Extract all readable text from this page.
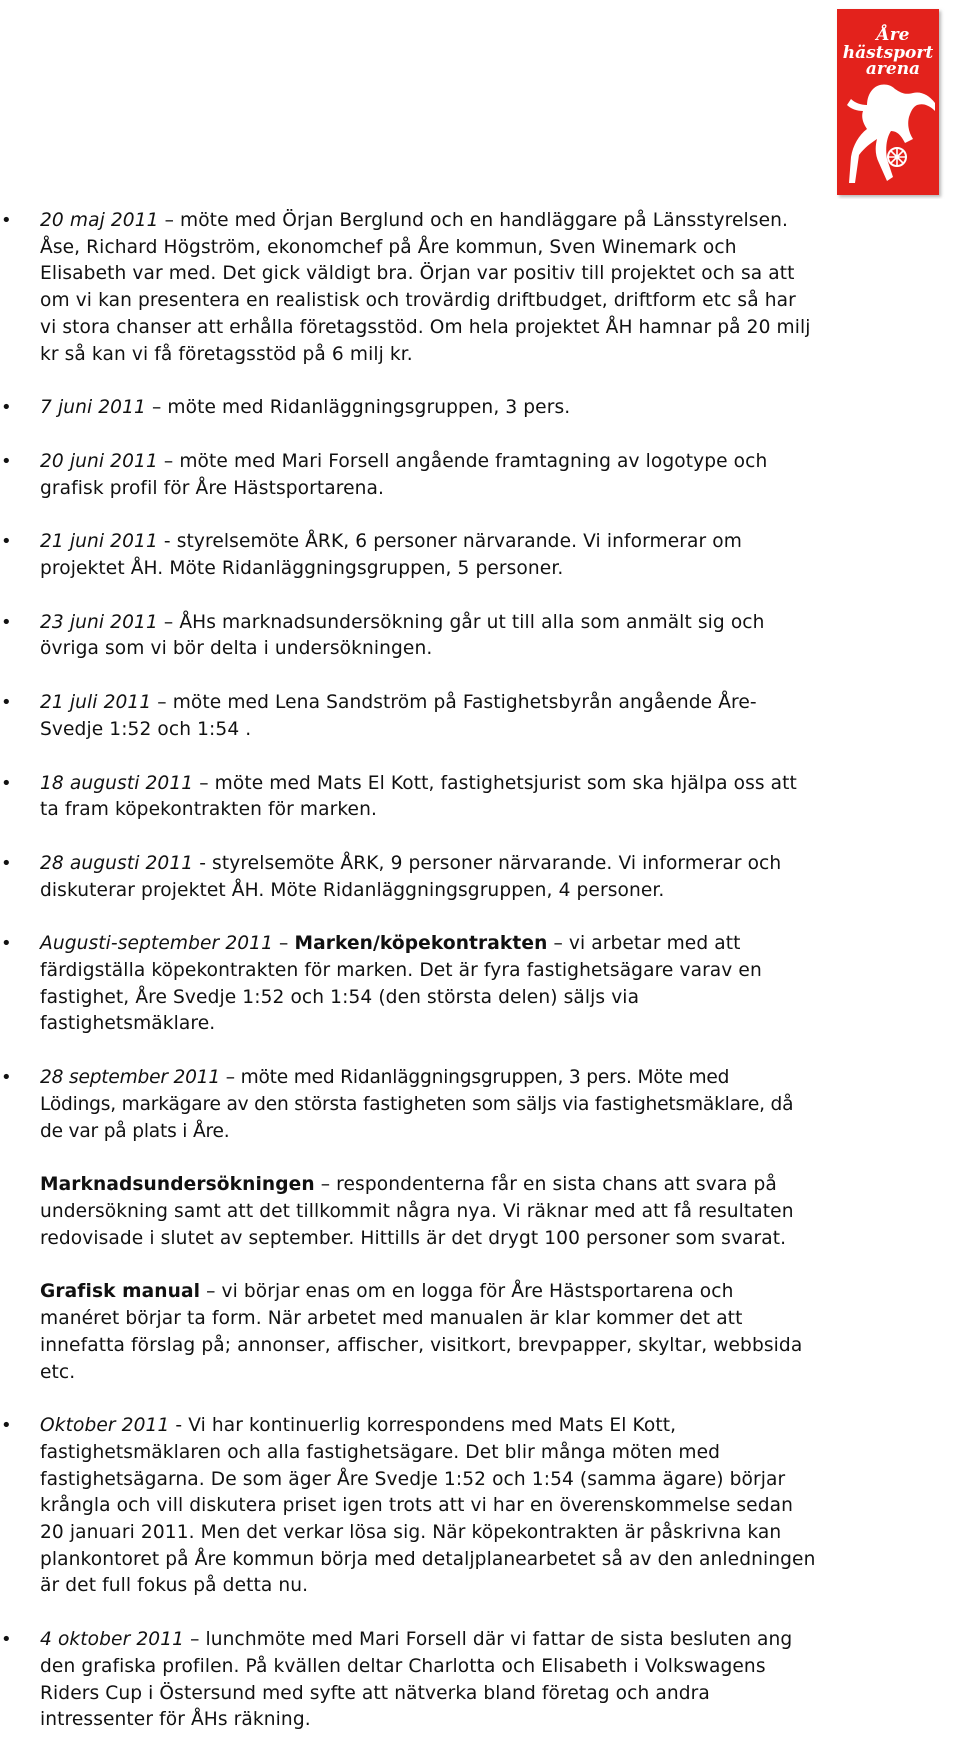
Åre
hästsport
arena
• 20 maj 2011 – möte med Örjan Berglund och en handläggare på Länsstyrelsen.
Åse, Richard Högström, ekonomchef på Åre kommun, Sven Winemark och
Elisabeth var med. Det gick väldigt bra. Örjan var positiv till projektet och sa att
om vi kan presentera en realistisk och trovärdig driftbudget, driftform etc så har
vi stora chanser att erhålla företagsstöd. Om hela projektet ÅH hamnar på 20 milj
kr så kan vi få företagsstöd på 6 milj kr.
• 7 juni 2011 – möte med Ridanläggningsgruppen, 3 pers.
• 20 juni 2011 – möte med Mari Forsell angående framtagning av logotype och
grafisk profil för Åre Hästsportarena.
• 21 juni 2011 - styrelsemöte ÅRK, 6 personer närvarande. Vi informerar om
projektet ÅH. Möte Ridanläggningsgruppen, 5 personer.
• 23 juni 2011 – ÅHs marknadsundersökning går ut till alla som anmält sig och
övriga som vi bör delta i undersökningen.
• 21 juli 2011 – möte med Lena Sandström på Fastighetsbyrån angående Åre-
Svedje 1:52 och 1:54 .
• 18 augusti 2011 – möte med Mats El Kott, fastighetsjurist som ska hjälpa oss att
ta fram köpekontrakten för marken.
• 28 augusti 2011 - styrelsemöte ÅRK, 9 personer närvarande. Vi informerar och
diskuterar projektet ÅH. Möte Ridanläggningsgruppen, 4 personer.
• Augusti-september 2011 – Marken/köpekontrakten – vi arbetar med att
färdigställa köpekontrakten för marken. Det är fyra fastighetsägare varav en
fastighet, Åre Svedje 1:52 och 1:54 (den största delen) säljs via
fastighetsmäklare.
• 28 september 2011 – möte med Ridanläggningsgruppen, 3 pers. Möte med
Lödings, markägare av den största fastigheten som säljs via fastighetsmäklare, då
de var på plats i Åre.
Marknadsundersökningen – respondenterna får en sista chans att svara på
undersökning samt att det tillkommit några nya. Vi räknar med att få resultaten
redovisade i slutet av september. Hittills är det drygt 100 personer som svarat.
Grafisk manual – vi börjar enas om en logga för Åre Hästsportarena och
manéret börjar ta form. När arbetet med manualen är klar kommer det att
innefatta förslag på; annonser, affischer, visitkort, brevpapper, skyltar, webbsida
etc.
• Oktober 2011 - Vi har kontinuerlig korrespondens med Mats El Kott,
fastighetsmäklaren och alla fastighetsägare. Det blir många möten med
fastighetsägarna. De som äger Åre Svedje 1:52 och 1:54 (samma ägare) börjar
krångla och vill diskutera priset igen trots att vi har en överenskommelse sedan
20 januari 2011. Men det verkar lösa sig. När köpekontrakten är påskrivna kan
plankontoret på Åre kommun börja med detaljplanearbetet så av den anledningen
är det full fokus på detta nu.
• 4 oktober 2011 – lunchmöte med Mari Forsell där vi fattar de sista besluten ang
den grafiska profilen. På kvällen deltar Charlotta och Elisabeth i Volkswagens
Riders Cup i Östersund med syfte att nätverka bland företag och andra
intressenter för ÅHs räkning.
